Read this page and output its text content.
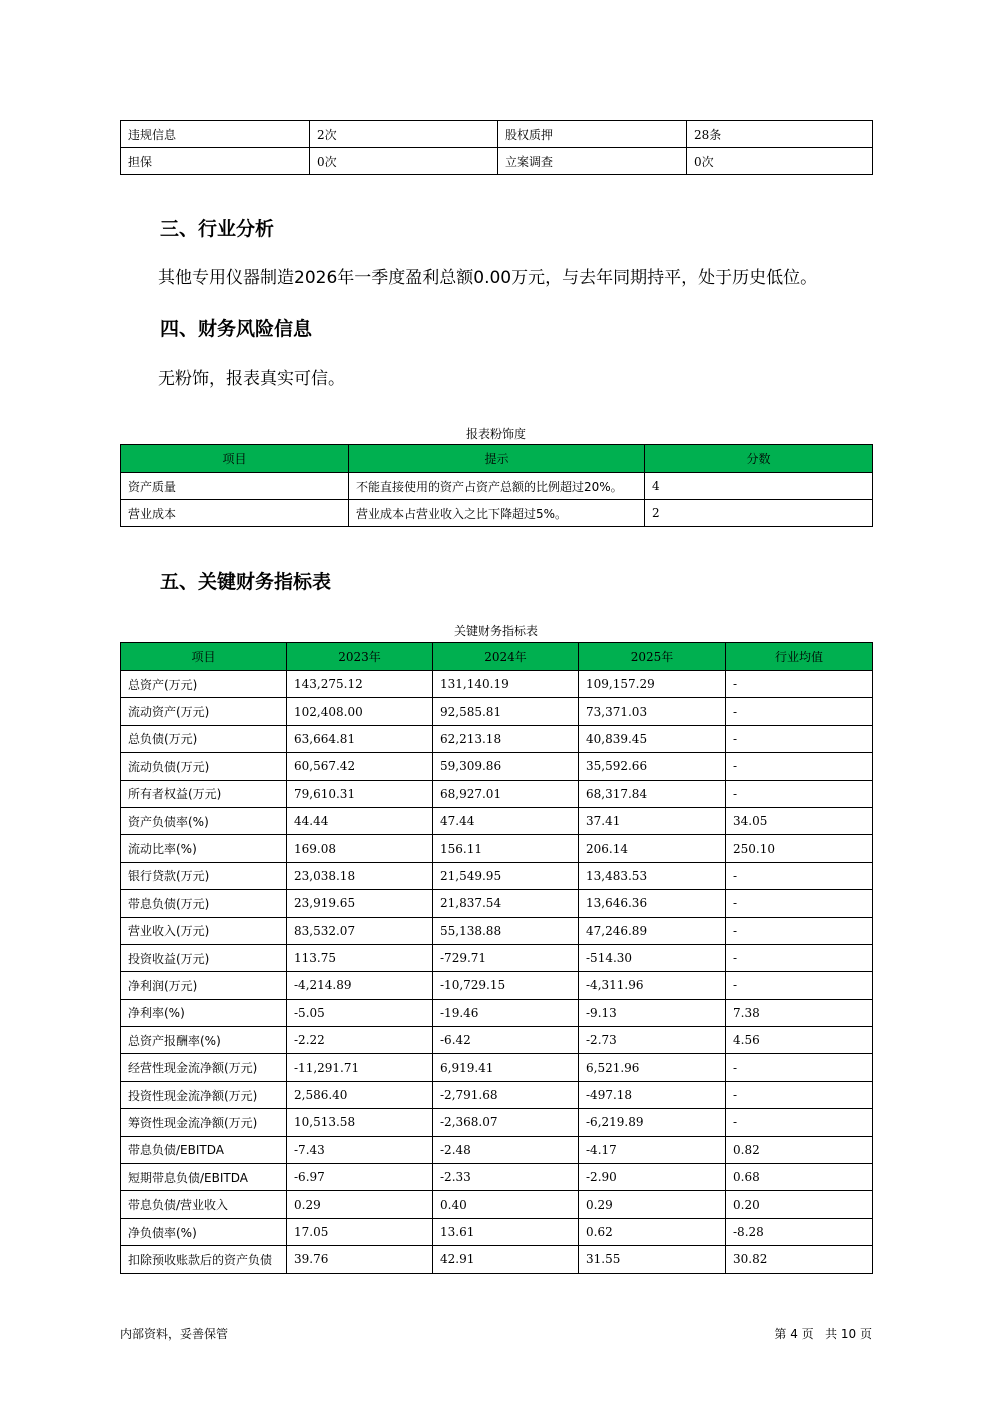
违规信息	2次	股权质押	28条
担保	0次	立案调查	0次
三、行业分析

其他专用仪器制造2026年一季度盈利总额0.00万元，与去年同期持平，处于历史低位。

四、财务风险信息

无粉饰，报表真实可信。

报表粉饰度

项目	提示	分数
资产质量	不能直接使用的资产占资产总额的比例超过20%。	4
营业成本	营业成本占营业收入之比下降超过5%。	2
五、关键财务指标表

关键财务指标表

项目	2023年	2024年	2025年	行业均值
总资产(万元)	143,275.12	131,140.19	109,157.29	-
流动资产(万元)	102,408.00	92,585.81	73,371.03	-
总负债(万元)	63,664.81	62,213.18	40,839.45	-
流动负债(万元)	60,567.42	59,309.86	35,592.66	-
所有者权益(万元)	79,610.31	68,927.01	68,317.84	-
资产负债率(%)	44.44	47.44	37.41	34.05
流动比率(%)	169.08	156.11	206.14	250.10
银行贷款(万元)	23,038.18	21,549.95	13,483.53	-
带息负债(万元)	23,919.65	21,837.54	13,646.36	-
营业收入(万元)	83,532.07	55,138.88	47,246.89	-
投资收益(万元)	113.75	-729.71	-514.30	-
净利润(万元)	-4,214.89	-10,729.15	-4,311.96	-
净利率(%)	-5.05	-19.46	-9.13	7.38
总资产报酬率(%)	-2.22	-6.42	-2.73	4.56
经营性现金流净额(万元)	-11,291.71	6,919.41	6,521.96	-
投资性现金流净额(万元)	2,586.40	-2,791.68	-497.18	-
筹资性现金流净额(万元)	10,513.58	-2,368.07	-6,219.89	-
带息负债/EBITDA	-7.43	-2.48	-4.17	0.82
短期带息负债/EBITDA	-6.97	-2.33	-2.90	0.68
带息负债/营业收入	0.29	0.40	0.29	0.20
净负债率(%)	17.05	13.61	0.62	-8.28
扣除预收账款后的资产负债	39.76	42.91	31.55	30.82
内部资料，妥善保管	第 4 页   共 10 页
